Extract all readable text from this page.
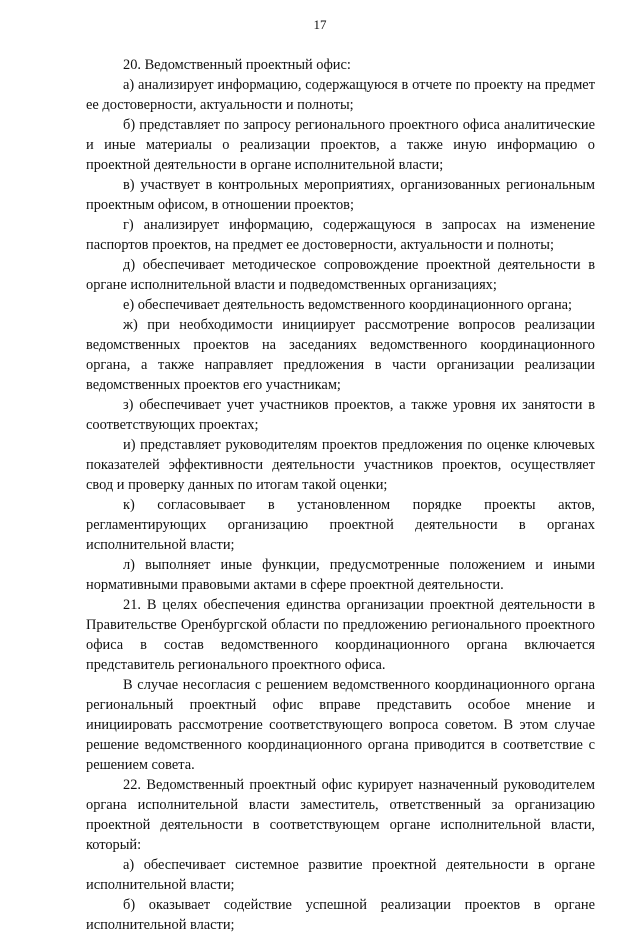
17

20. Ведомственный проектный офис:

а) анализирует информацию, содержащуюся в отчете по проекту на предмет ее достоверности, актуальности и полноты;

б) представляет по запросу регионального проектного офиса аналитические и иные материалы о реализации проектов, а также иную информацию о проектной деятельности в органе исполнительной власти;

в) участвует в контрольных мероприятиях, организованных региональным проектным офисом, в отношении проектов;

г) анализирует информацию, содержащуюся в запросах на изменение паспортов проектов, на предмет ее достоверности, актуальности и полноты;

д) обеспечивает методическое сопровождение проектной деятельности в органе исполнительной власти и подведомственных организациях;

е) обеспечивает деятельность ведомственного координационного органа;

ж) при необходимости инициирует рассмотрение вопросов реализации ведомственных проектов на заседаниях ведомственного координационного органа, а также направляет предложения в части организации реализации ведомственных проектов его участникам;

з) обеспечивает учет участников проектов, а также уровня их занятости в соответствующих проектах;

и) представляет руководителям проектов предложения по оценке ключевых показателей эффективности деятельности участников проектов, осуществляет свод и проверку данных по итогам такой оценки;

к) согласовывает в установленном порядке проекты актов, регламентирующих организацию проектной деятельности в органах исполнительной власти;

л) выполняет иные функции, предусмотренные положением и иными нормативными правовыми актами в сфере проектной деятельности.

21. В целях обеспечения единства организации проектной деятельности в Правительстве Оренбургской области по предложению регионального проектного офиса в состав ведомственного координационного органа включается представитель регионального проектного офиса.

В случае несогласия с решением ведомственного координационного органа региональный проектный офис вправе представить особое мнение и инициировать рассмотрение соответствующего вопроса советом. В этом случае решение ведомственного координационного органа приводится в соответствие с решением совета.

22. Ведомственный проектный офис курирует назначенный руководителем органа исполнительной власти заместитель, ответственный за организацию проектной деятельности в соответствующем органе исполнительной власти, который:

а) обеспечивает системное развитие проектной деятельности в органе исполнительной власти;

б) оказывает содействие успешной реализации проектов в органе исполнительной власти;
